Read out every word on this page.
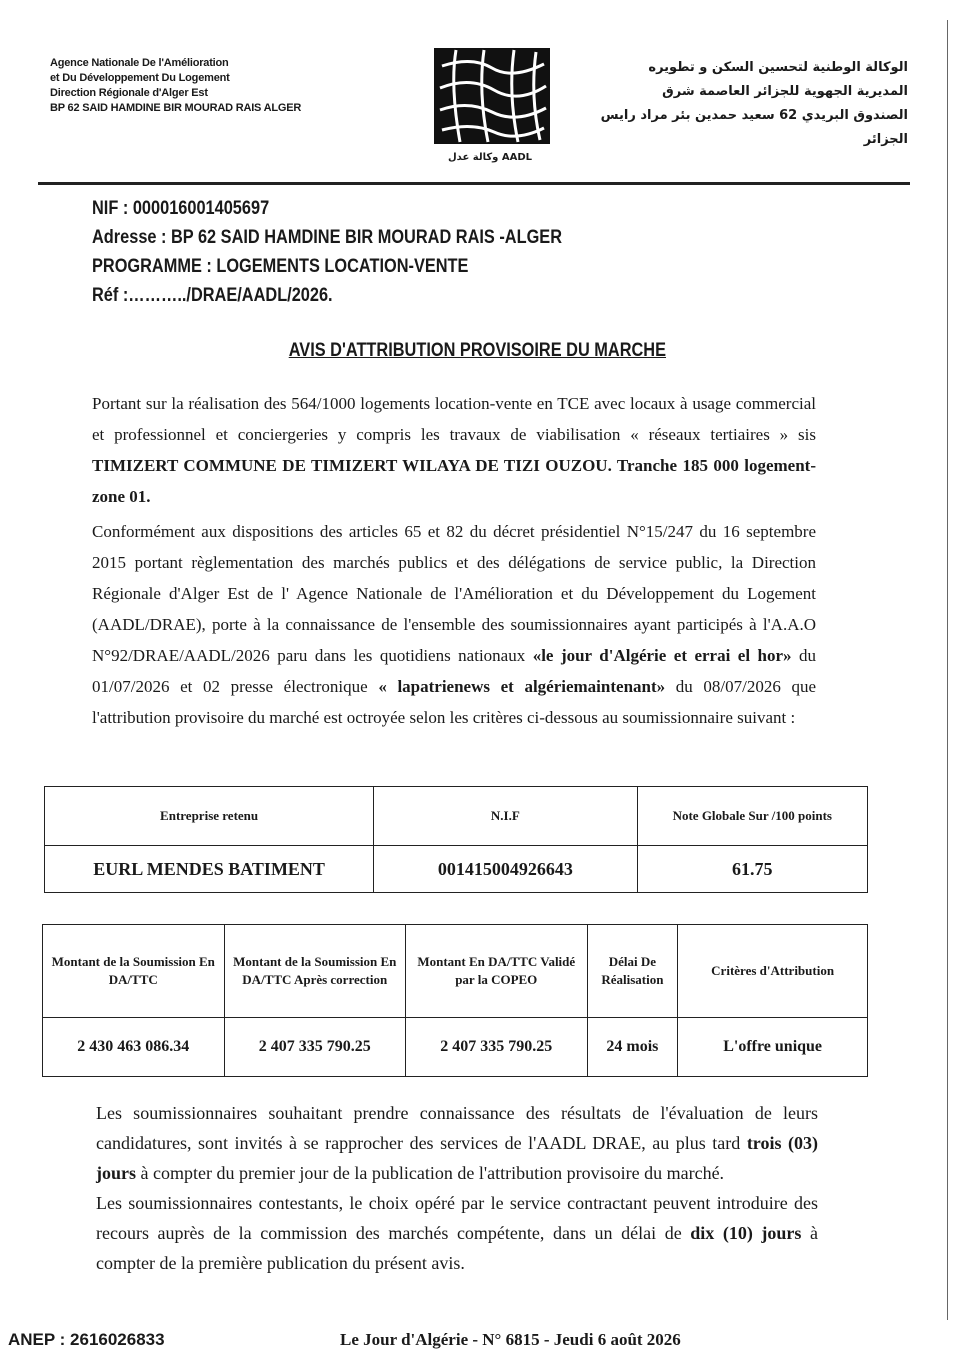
Agence Nationale De l'Amélioration
et Du Développement Du Logement
Direction Régionale d'Alger Est
BP 62 SAID HAMDINE BIR MOURAD RAIS ALGER
وكالة عدل AADL
الوكالة الوطنية لتحسين السكن و تطويره
المديرية الجهوية للجزائر العاصمة شرق
الصندوق البريدي 62 سعيد حمدين بئر مراد رايس
الجزائر
NIF : 000016001405697
Adresse : BP 62 SAID HAMDINE BIR MOURAD RAIS -ALGER
PROGRAMME : LOGEMENTS LOCATION-VENTE
Réf :………../DRAE/AADL/2026.
AVIS D'ATTRIBUTION PROVISOIRE DU MARCHE
Portant sur la réalisation des 564/1000 logements location-vente en TCE avec locaux à usage commercial et professionnel et conciergeries y compris les travaux de viabilisation « réseaux tertiaires » sis TIMIZERT COMMUNE DE TIMIZERT WILAYA DE TIZI OUZOU. Tranche 185 000 logement-zone 01.
Conformément aux dispositions des articles 65 et 82 du décret présidentiel N°15/247 du 16 septembre 2015 portant règlementation des marchés publics et des délégations de service public, la Direction Régionale d'Alger Est de l' Agence Nationale de l'Amélioration et du Développement du Logement (AADL/DRAE), porte à la connaissance de l'ensemble des soumissionnaires ayant participés à l'A.A.O N°92/DRAE/AADL/2026 paru dans les quotidiens nationaux «le jour d'Algérie et errai el hor» du 01/07/2026 et 02 presse électronique « lapatrienews et algériemaintenant» du 08/07/2026 que l'attribution provisoire du marché est octroyée selon les critères ci-dessous au soumissionnaire suivant :
Entreprise retenu	N.I.F	Note Globale Sur /100 points
EURL MENDES BATIMENT	001415004926643	61.75
Montant de la Soumission En DA/TTC	Montant de la Soumission En DA/TTC Après correction	Montant En DA/TTC Validé par la COPEO	Délai De Réalisation	Critères d'Attribution
2 430 463 086.34	2 407 335 790.25	2 407 335 790.25	24 mois	L'offre unique
Les soumissionnaires souhaitant prendre connaissance des résultats de l'évaluation de leurs candidatures, sont invités à se rapprocher des services de l'AADL DRAE, au plus tard trois (03) jours à compter du premier jour de la publication de l'attribution provisoire du marché.
Les soumissionnaires contestants, le choix opéré par le service contractant peuvent introduire des recours auprès de la commission des marchés compétente, dans un délai de dix (10) jours à compter de la première publication du présent avis.
ANEP : 2616026833	Le Jour d'Algérie - N° 6815 - Jeudi 6 août 2026
